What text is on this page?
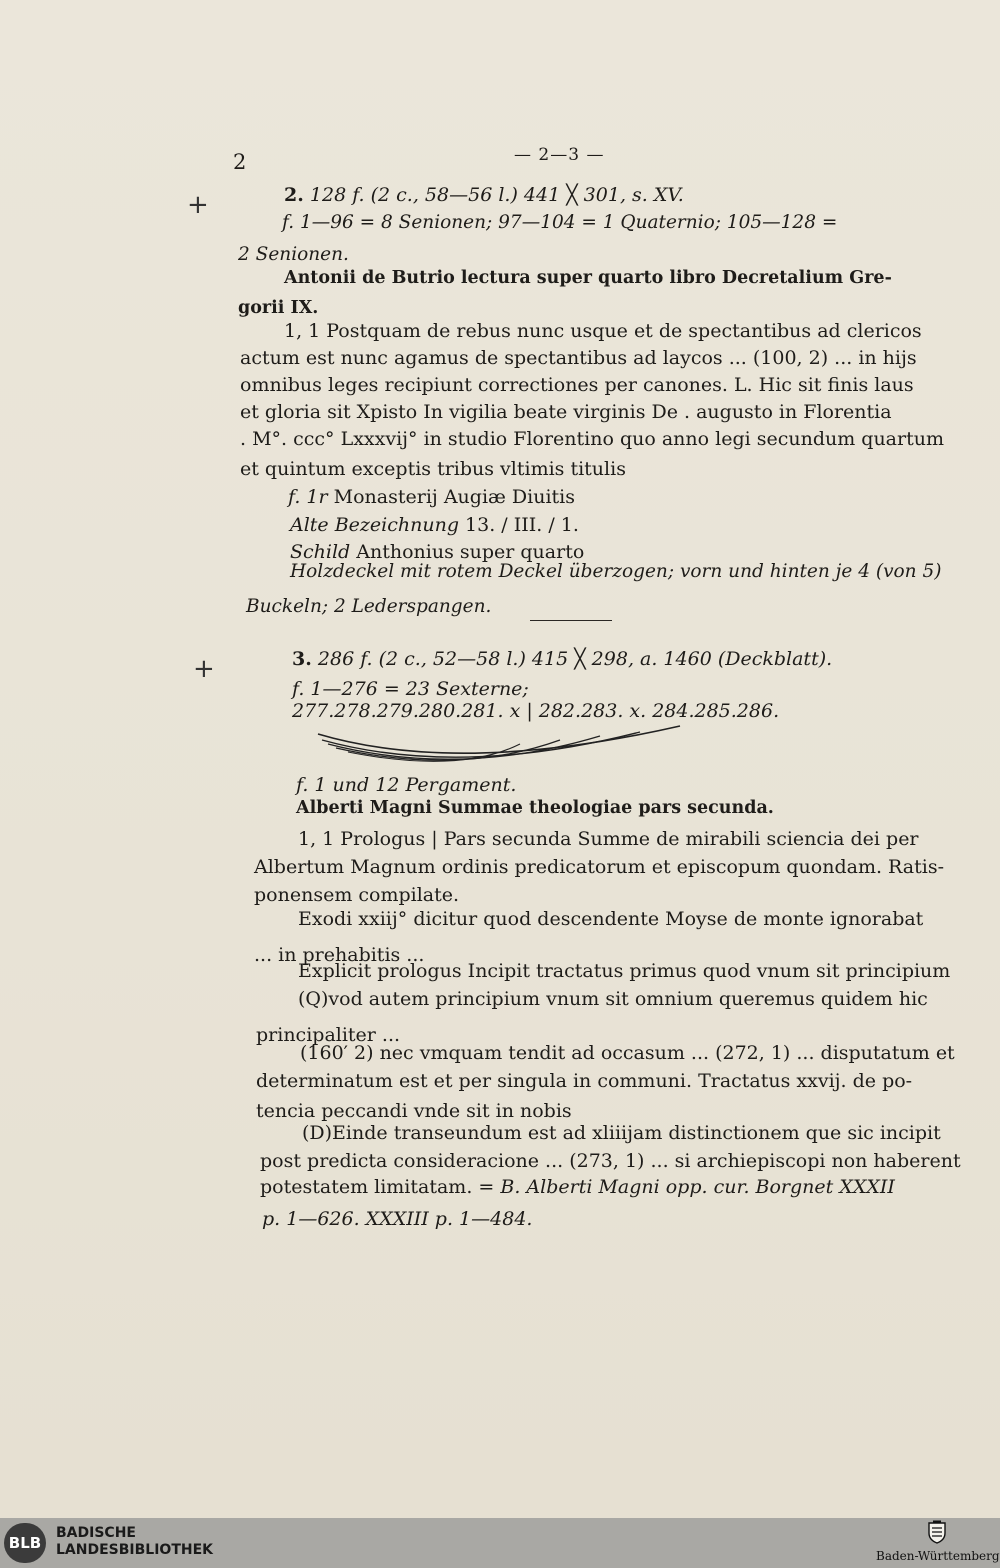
2	— 2—3 —
+
+
2. 128 f. (2 c., 58—56 l.) 441 ╳ 301, s. XV.
f. 1—96 = 8 Senionen; 97—104 = 1 Quaternio; 105—128 =
2 Senionen.
Antonii de Butrio lectura super quarto libro Decretalium Gre-
gorii IX.
1, 1 Postquam de rebus nunc usque et de spectantibus ad clericos
actum est nunc agamus de spectantibus ad laycos ... (100, 2) ... in hijs
omnibus leges recipiunt correctiones per canones. L. Hic sit finis laus
et gloria sit Xpisto In vigilia beate virginis De . augusto in Florentia
. M°. ccc° Lxxxvij° in studio Florentino quo anno legi secundum quartum
et quintum exceptis tribus vltimis titulis
f. 1r Monasterij Augiæ Diuitis
Alte Bezeichnung 13. / III. / 1.
Schild Anthonius super quarto
Holzdeckel mit rotem Deckel überzogen; vorn und hinten je 4 (von 5)
Buckeln; 2 Lederspangen.
3. 286 f. (2 c., 52—58 l.) 415 ╳ 298, a. 1460 (Deckblatt).
f. 1—276 = 23 Sexterne;
277.278.279.280.281. x | 282.283. x. 284.285.286.
f. 1 und 12 Pergament.
Alberti Magni Summae theologiae pars secunda.
1, 1 Prologus | Pars secunda Summe de mirabili sciencia dei per
Albertum Magnum ordinis predicatorum et episcopum quondam. Ratis-
ponensem compilate.
Exodi xxiij° dicitur quod descendente Moyse de monte ignorabat
... in prehabitis ...
Explicit prologus Incipit tractatus primus quod vnum sit principium
(Q)vod autem principium vnum sit omnium queremus quidem hic
principaliter ...
(160′ 2) nec vmquam tendit ad occasum ... (272, 1) ... disputatum et
determinatum est et per singula in communi. Tractatus xxvij. de po-
tencia peccandi vnde sit in nobis
(D)Einde transeundum est ad xliiijam distinctionem que sic incipit
post predicta consideracione ... (273, 1) ... si archiepiscopi non haberent
potestatem limitatam. = B. Alberti Magni opp. cur. Borgnet XXXII
p. 1—626. XXXIII p. 1—484.
BLB
BADISCHE
LANDESBIBLIOTHEK	Baden-Württemberg
